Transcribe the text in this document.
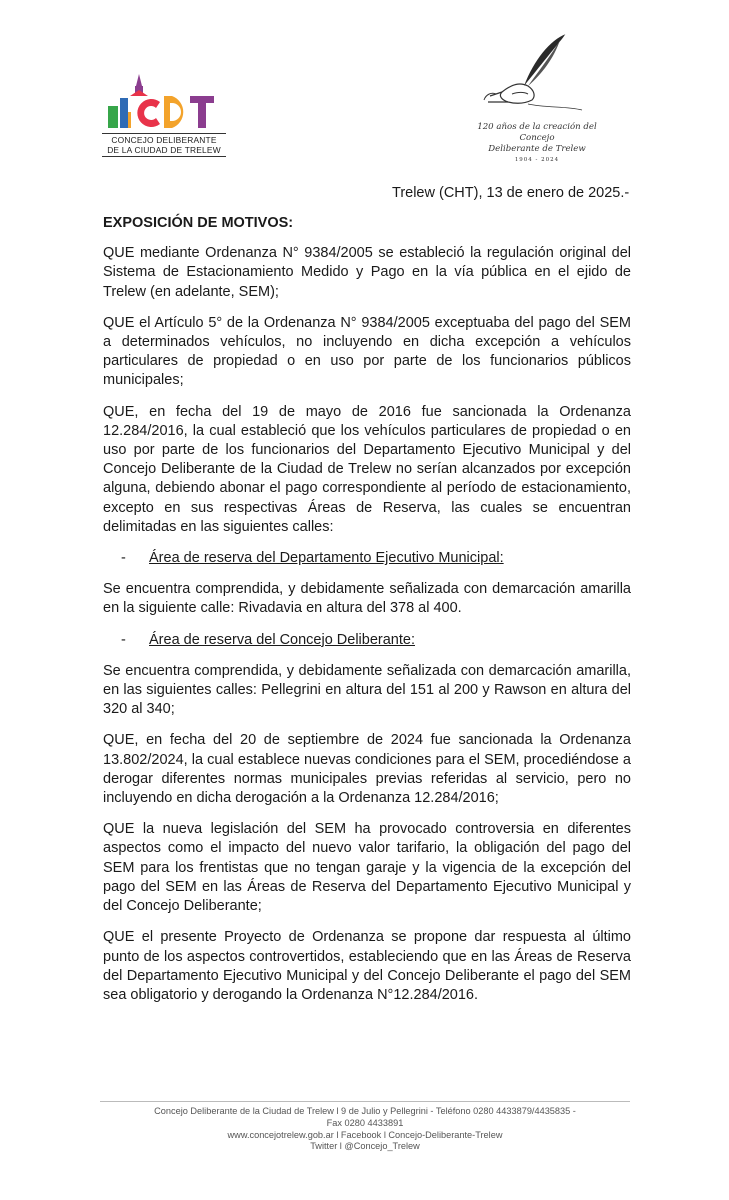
CONCEJO DELIBERANTE
DE LA CIUDAD DE TRELEW
120 años de la creación del Concejo
Deliberante de Trelew
1904 - 2024
Trelew (CHT), 13 de enero de 2025.-

EXPOSICIÓN DE MOTIVOS:

QUE mediante Ordenanza N° 9384/2005 se estableció la regulación original del Sistema de Estacionamiento Medido y Pago en la vía pública en el ejido de Trelew (en adelante, SEM);

QUE el Artículo 5° de la Ordenanza N° 9384/2005 exceptuaba del pago del SEM a determinados vehículos, no incluyendo en dicha excepción a vehículos particulares de propiedad o en uso por parte de los funcionarios públicos municipales;

QUE, en fecha del 19 de mayo de 2016 fue sancionada la Ordenanza 12.284/2016, la cual estableció que los vehículos particulares de propiedad o en uso por parte de los funcionarios del Departamento Ejecutivo Municipal y del Concejo Deliberante de la Ciudad de Trelew no serían alcanzados por excepción alguna, debiendo abonar el pago correspondiente al período de estacionamiento, excepto en sus respectivas Áreas de Reserva, las cuales se encuentran delimitadas en las siguientes calles:

-	Área de reserva del Departamento Ejecutivo Municipal:

Se encuentra comprendida, y debidamente señalizada con demarcación amarilla en la siguiente calle: Rivadavia en altura del 378 al 400.

-	Área de reserva del Concejo Deliberante:

Se encuentra comprendida, y debidamente señalizada con demarcación amarilla, en las siguientes calles: Pellegrini en altura del 151 al 200 y Rawson en altura del 320 al 340;

QUE, en fecha del 20 de septiembre de 2024 fue sancionada la Ordenanza 13.802/2024, la cual establece nuevas condiciones para el SEM, procediéndose a derogar diferentes normas municipales previas referidas al servicio, pero no incluyendo en dicha derogación a la Ordenanza 12.284/2016;

QUE la nueva legislación del SEM ha provocado controversia en diferentes aspectos como el impacto del nuevo valor tarifario, la obligación del pago del SEM para los frentistas que no tengan garaje y la vigencia de la excepción del pago del SEM en las Áreas de Reserva del Departamento Ejecutivo Municipal y del Concejo Deliberante;

QUE el presente Proyecto de Ordenanza se propone dar respuesta al último punto de los aspectos controvertidos, estableciendo que en las Áreas de Reserva del Departamento Ejecutivo Municipal y del Concejo Deliberante el pago del SEM sea obligatorio y derogando la Ordenanza N°12.284/2016.

Concejo Deliberante de la Ciudad de Trelew l 9 de Julio y Pellegrini - Teléfono 0280 4433879/4435835 -
Fax 0280 4433891
www.concejotrelew.gob.ar l Facebook l Concejo-Deliberante-Trelew
Twitter l @Concejo_Trelew
